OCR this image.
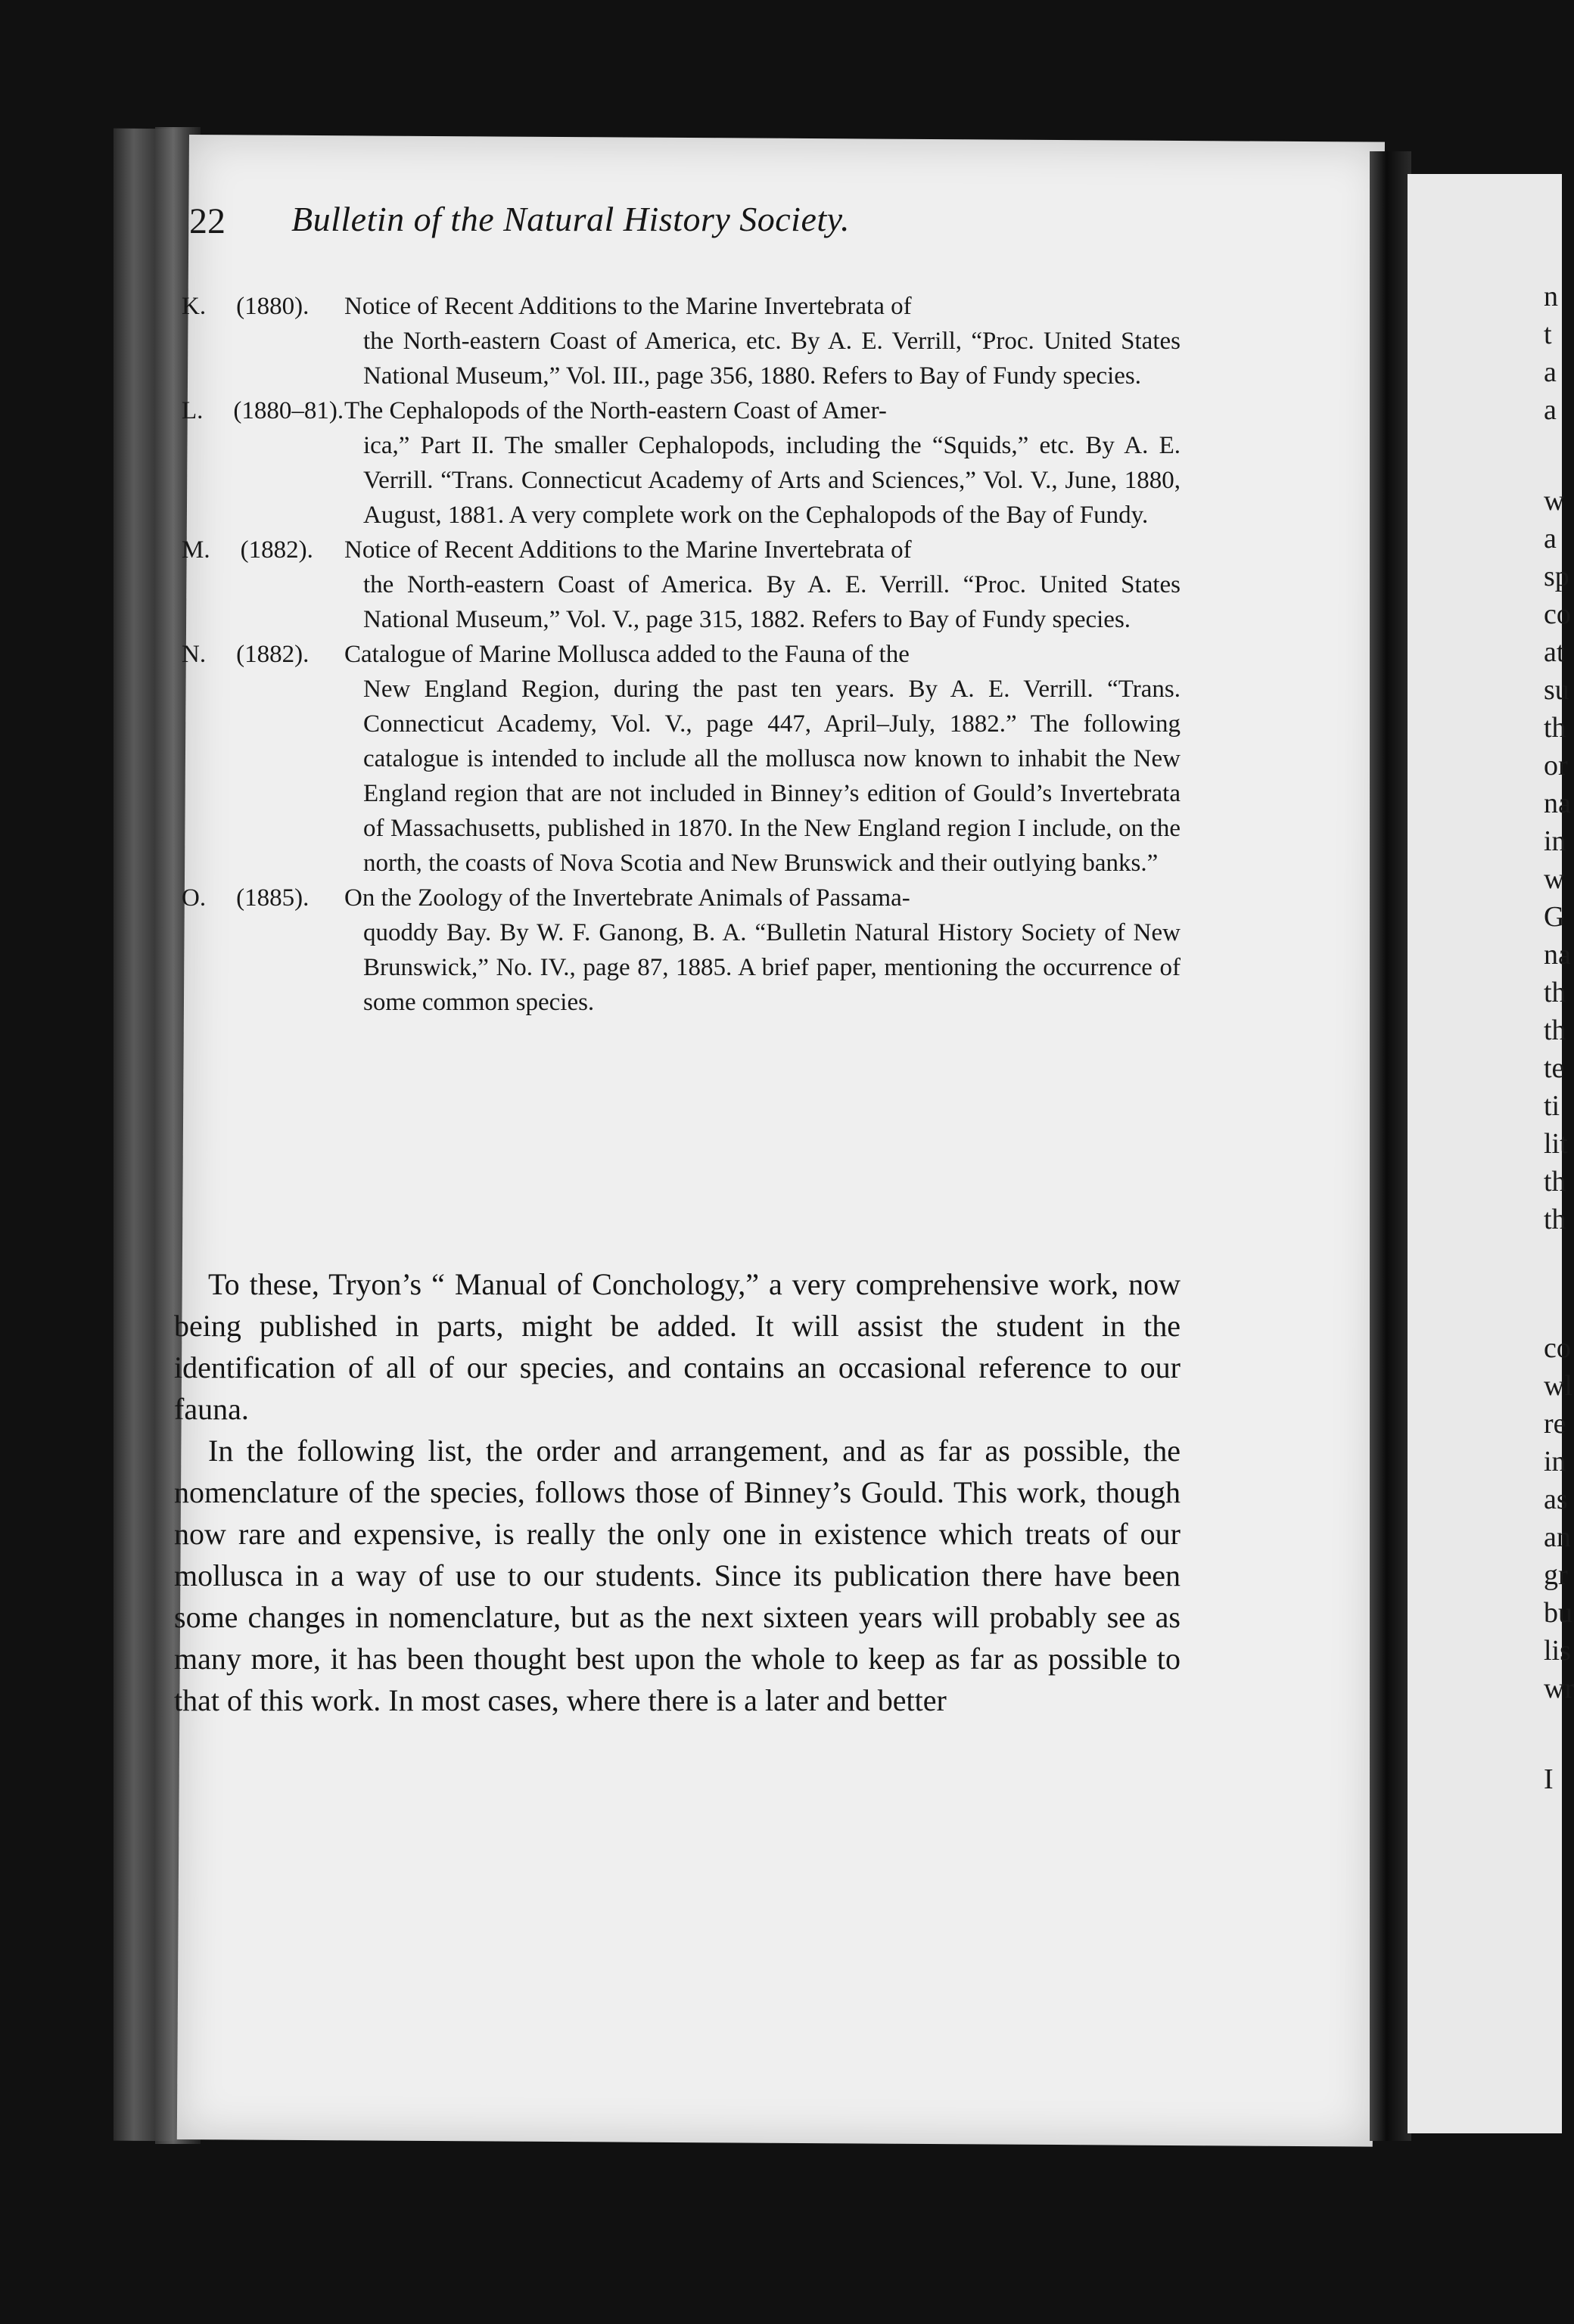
n
t
a
a
w
a
sp
co
at
su
th
or
na
in
w
G
na
th
th
te
ti
lit
th
th
co
wl
re
in
as
an
gr
bu
lis
wr
I
22 Bulletin of the Natural History Society.
K. (1880).	Notice of Recent Additions to the Marine Invertebrata of
the North-eastern Coast of America, etc. By A. E. Verrill, “Proc. United States National Museum,” Vol. III., page 356, 1880. Refers to Bay of Fundy species.
L. (1880–81). The Cephalopods of the North-eastern Coast of Amer-
ica,” Part II. The smaller Cephalopods, including the “Squids,” etc. By A. E. Verrill. “Trans. Connecticut Academy of Arts and Sciences,” Vol. V., June, 1880, August, 1881. A very complete work on the Cephalopods of the Bay of Fundy.
M. (1882).	Notice of Recent Additions to the Marine Invertebrata of
the North-eastern Coast of America. By A. E. Verrill. “Proc. United States National Museum,” Vol. V., page 315, 1882. Refers to Bay of Fundy species.
N. (1882).	Catalogue of Marine Mollusca added to the Fauna of the
New England Region, during the past ten years. By A. E. Verrill. “Trans. Connecticut Academy, Vol. V., page 447, April–July, 1882.” The following catalogue is intended to include all the mollusca now known to inhabit the New England region that are not included in Binney’s edition of Gould’s Invertebrata of Massachusetts, published in 1870. In the New England region I include, on the north, the coasts of Nova Scotia and New Brunswick and their outlying banks.”
O. (1885).	On the Zoology of the Invertebrate Animals of Passama-
quoddy Bay. By W. F. Ganong, B. A. “Bulletin Natural History Society of New Brunswick,” No. IV., page 87, 1885. A brief paper, mentioning the occurrence of some common species.

To these, Tryon’s “ Manual of Conchology,” a very comprehensive work, now being published in parts, might be added. It will assist the student in the identification of all of our species, and contains an occasional reference to our fauna.

In the following list, the order and arrangement, and as far as possible, the nomenclature of the species, follows those of Binney’s Gould. This work, though now rare and expensive, is really the only one in existence which treats of our mollusca in a way of use to our students. Since its publication there have been some changes in nomenclature, but as the next sixteen years will probably see as many more, it has been thought best upon the whole to keep as far as possible to that of this work. In most cases, where there is a later and better
